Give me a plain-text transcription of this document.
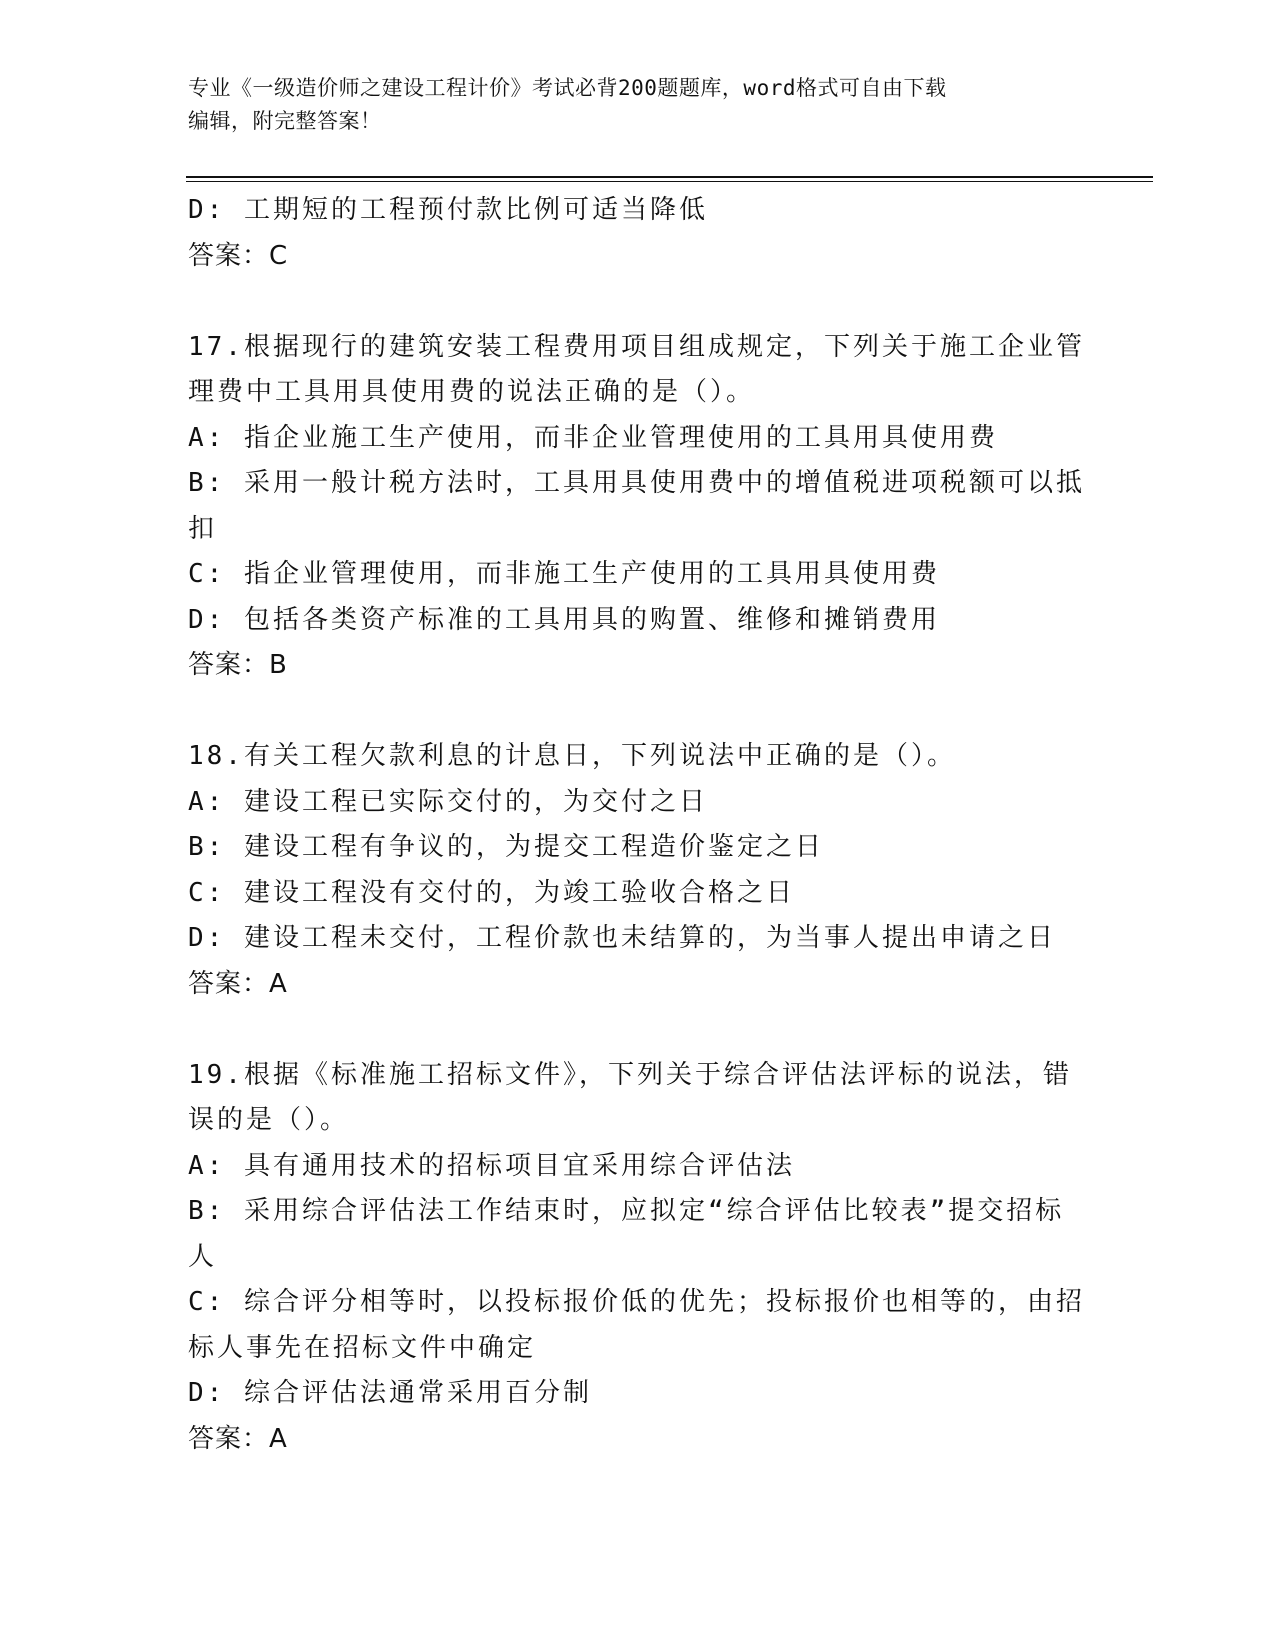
专业《一级造价师之建设工程计价》考试必背200题题库，word格式可自由下载
编辑，附完整答案！
D: 工期短的工程预付款比例可适当降低
答案：C
17.根据现行的建筑安装工程费用项目组成规定，下列关于施工企业管
理费中工具用具使用费的说法正确的是（）。
A: 指企业施工生产使用，而非企业管理使用的工具用具使用费
B: 采用一般计税方法时，工具用具使用费中的增值税进项税额可以抵
扣
C: 指企业管理使用，而非施工生产使用的工具用具使用费
D: 包括各类资产标准的工具用具的购置、维修和摊销费用
答案：B
18.有关工程欠款利息的计息日，下列说法中正确的是（）。
A: 建设工程已实际交付的，为交付之日
B: 建设工程有争议的，为提交工程造价鉴定之日
C: 建设工程没有交付的，为竣工验收合格之日
D: 建设工程未交付，工程价款也未结算的，为当事人提出申请之日
答案：A
19.根据《标准施工招标文件》，下列关于综合评估法评标的说法，错
误的是（）。
A: 具有通用技术的招标项目宜采用综合评估法
B: 采用综合评估法工作结束时，应拟定“综合评估比较表”提交招标
人
C: 综合评分相等时，以投标报价低的优先；投标报价也相等的，由招
标人事先在招标文件中确定
D: 综合评估法通常采用百分制
答案：A
